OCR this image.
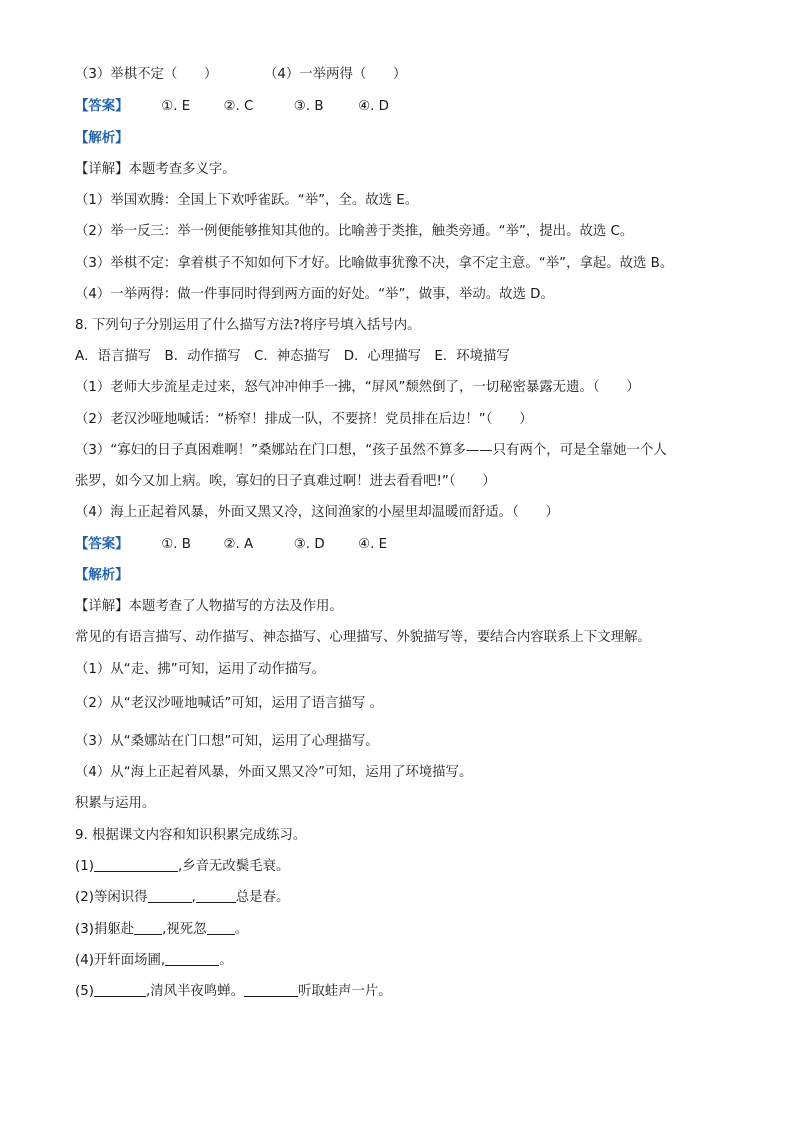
（3）举棋不定（　　）	（4）一举两得（　　）
【答案】 ①. E ②. C	③. B	④. D
【解析】
【详解】本题考查多义字。
（1）举国欢腾：全国上下欢呼雀跃。“举”，全。故选 E。
（2）举一反三：举一例便能够推知其他的。比喻善于类推，触类旁通。“举”，提出。故选 C。
（3）举棋不定：拿着棋子不知如何下才好。比喻做事犹豫不决，拿不定主意。“举”，拿起。故选 B。
（4）一举两得：做一件事同时得到两方面的好处。“举”，做事，举动。故选 D。
8. 下列句子分别运用了什么描写方法?将序号填入括号内。
A．语言描写　B．动作描写　C．神态描写　D．心理描写　E．环境描写
（1）老师大步流星走过来，怒气冲冲伸手一拂，“屏风”颓然倒了，一切秘密暴露无遗。（　　）
（2）老汉沙哑地喊话：“桥窄！排成一队，不要挤！党员排在后边！”（　　）
（3）“寡妇的日子真困难啊！”桑娜站在门口想，“孩子虽然不算多——只有两个，可是全靠她一个人
张罗，如今又加上病。唉，寡妇的日子真难过啊！进去看看吧!”（　　）
（4）海上正起着风暴，外面又黑又冷，这间渔家的小屋里却温暖而舒适。（　　）
【答案】 ①. B ②. A	③. D ④. E
【解析】
【详解】本题考查了人物描写的方法及作用。
常见的有语言描写、动作描写、神态描写、心理描写、外貌描写等，要结合内容联系上下文理解。
（1）从“走、拂”可知，运用了动作描写。
（2）从“老汉沙哑地喊话”可知，运用了语言描写 。
（3）从“桑娜站在门口想”可知，运用了心理描写。
（4）从“海上正起着风暴，外面又黑又冷”可知，运用了环境描写。
积累与运用。
9. 根据课文内容和知识积累完成练习。
(1)	,乡音无改鬓毛衰。
(2)等闲识得	,	总是春。
(3)捐躯赴 ,视死忽 。
(4)开轩面场圃,	。
(5)	,清风半夜鸣蝉。	听取蛙声一片。
